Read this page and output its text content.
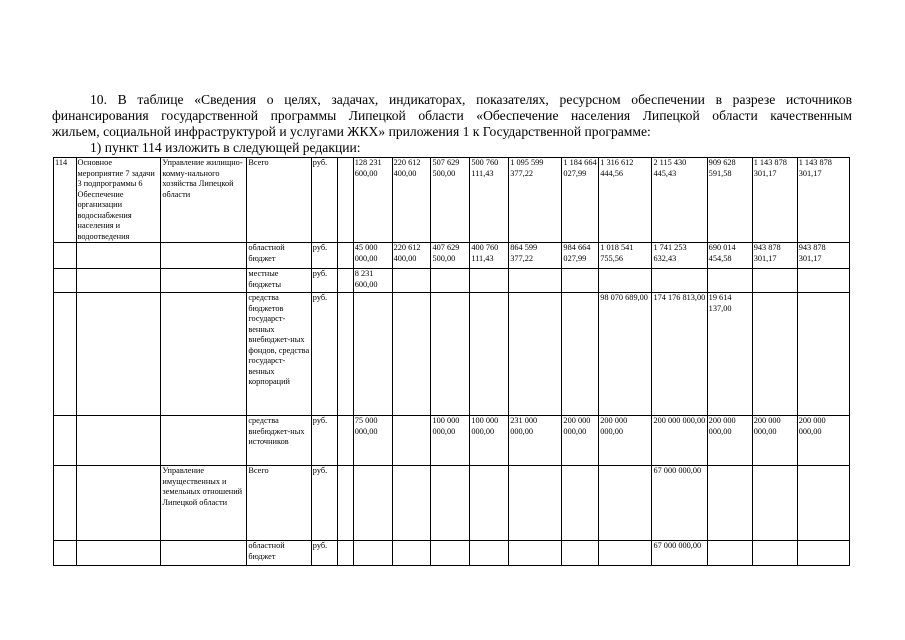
10. В таблице «Сведения о целях, задачах, индикаторах, показателях, ресурсном обеспечении в разрезе источников

финансирования государственной программы Липецкой области «Обеспечение населения Липецкой области качественным

жильем, социальной инфраструктурой и услугами ЖКХ» приложения 1 к Государственной программе:

1) пункт 114 изложить в следующей редакции:

114	Основное мероприятие 7 задачи 3 подпрограммы 6 Обеспечение организации водоснабжения населения и водоотведения	Управление жилищно-комму-нального хозяйства Липецкой области	Всего	руб.		128 231 600,00	220 612 400,00	507 629 500,00	500 760 111,43	1 095 599 377,22	1 184 664 027,99	1 316 612 444,56	2 115 430 445,43	909 628 591,58	1 143 878 301,17	1 143 878 301,17
			областной бюджет	руб.		45 000 000,00	220 612 400,00	407 629 500,00	400 760 111,43	864 599 377,22	984 664 027,99	1 018 541 755,56	1 741 253 632,43	690 014 454,58	943 878 301,17	943 878 301,17
			местные бюджеты	руб.		8 231 600,00										
			средства бюджетов государст-венных внебюджет-ных фондов, средства государст-венных корпораций	руб.								98 070 689,00	174 176 813,00	19 614 137,00		
			средства внебюджет-ных источников	руб.		75 000 000,00		100 000 000,00	100 000 000,00	231 000 000,00	200 000 000,00	200 000 000,00	200 000 000,00	200 000 000,00	200 000 000,00	200 000 000,00
		Управление имущественных и земельных отношений Липецкой области	Всего	руб.									67 000 000,00			
			областной бюджет	руб.									67 000 000,00			
